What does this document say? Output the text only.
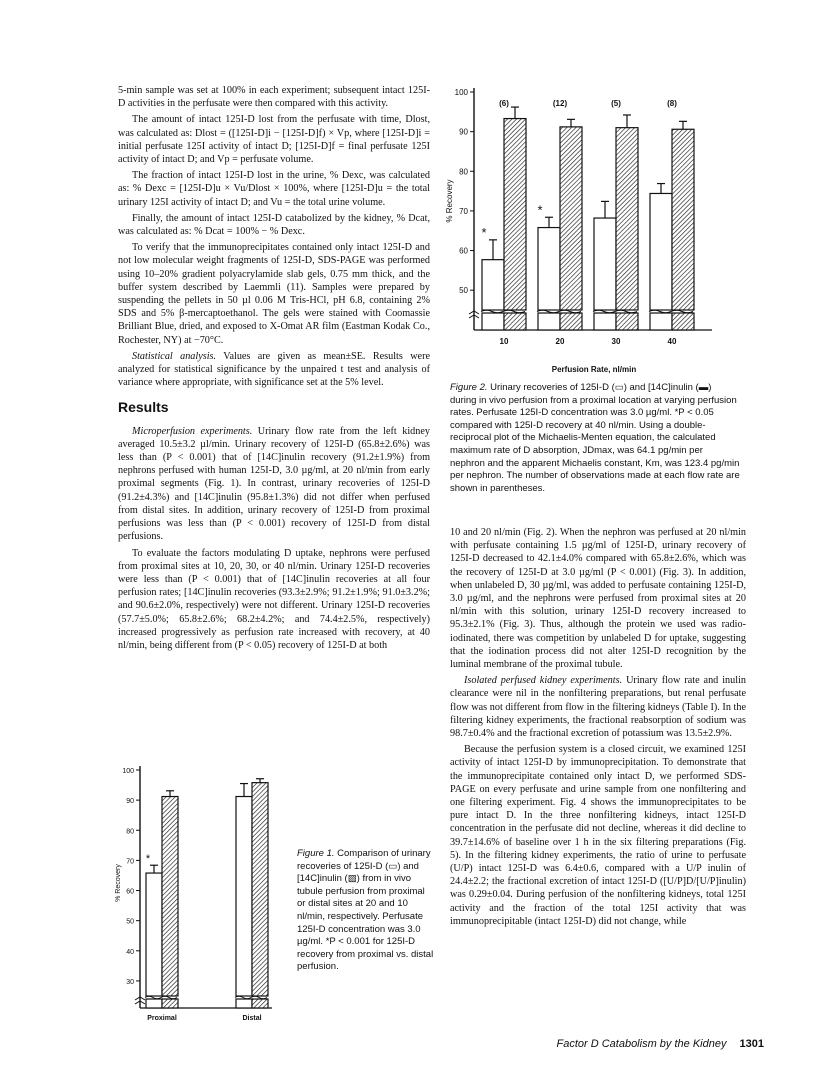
5-min sample was set at 100% in each experiment; subsequent intact 125I-D activities in the perfusate were then compared with this activity.

The amount of intact 125I-D lost from the perfusate with time, Dlost, was calculated as: Dlost = ([125I-D]i − [125I-D]f) × Vp, where [125I-D]i = initial perfusate 125I activity of intact D; [125I-D]f = final perfusate 125I activity of intact D; and Vp = perfusate volume.

The fraction of intact 125I-D lost in the urine, % Dexc, was calculated as: % Dexc = [125I-D]u × Vu/Dlost × 100%, where [125I-D]u = the total urinary 125I activity of intact D; and Vu = the total urine volume.

Finally, the amount of intact 125I-D catabolized by the kidney, % Dcat, was calculated as: % Dcat = 100% − % Dexc.

To verify that the immunoprecipitates contained only intact 125I-D and not low molecular weight fragments of 125I-D, SDS-PAGE was performed using 10–20% gradient polyacrylamide slab gels, 0.75 mm thick, and the buffer system described by Laemmli (11). Samples were prepared by suspending the pellets in 50 µl 0.06 M Tris-HCl, pH 6.8, containing 2% SDS and 5% β-mercaptoethanol. The gels were stained with Coomassie Brilliant Blue, dried, and exposed to X-Omat AR film (Eastman Kodak Co., Rochester, NY) at −70°C.

Statistical analysis. Values are given as mean±SE. Results were analyzed for statistical significance by the unpaired t test and analysis of variance where appropriate, with significance set at the 5% level.

Results

Microperfusion experiments. Urinary flow rate from the left kidney averaged 10.5±3.2 µl/min. Urinary recovery of 125I-D (65.8±2.6%) was less than (P < 0.001) that of [14C]inulin recovery (91.2±1.9%) from nephrons perfused with human 125I-D, 3.0 µg/ml, at 20 nl/min from early proximal segments (Fig. 1). In contrast, urinary recoveries of 125I-D (91.2±4.3%) and [14C]inulin (95.8±1.3%) did not differ when perfused from distal sites. In addition, urinary recovery of 125I-D from proximal perfusions was less than (P < 0.001) recovery of 125I-D from distal perfusions.

To evaluate the factors modulating D uptake, nephrons were perfused from proximal sites at 10, 20, 30, or 40 nl/min. Urinary 125I-D recoveries were less than (P < 0.001) that of [14C]inulin recoveries at all four perfusion rates; [14C]inulin recoveries (93.3±2.9%; 91.2±1.9%; 91.0±3.2%; and 90.6±2.0%, respectively) were not different. Urinary 125I-D recoveries (57.7±5.0%; 65.8±2.6%; 68.2±4.2%; and 74.4±2.5%, respectively) increased progressively as perfusion rate increased with recovery, at 40 nl/min, being different from (P < 0.05) recovery of 125I-D at both

30
40
50
60
70
80
90
100
% Recovery
*
Proximal	Distal
Figure 1. Comparison of urinary recoveries of 125I-D (▭) and [14C]inulin (▨) from in vivo tubule perfusion from proximal or distal sites at 20 and 10 nl/min, respectively. Perfusate 125I-D concentration was 3.0 µg/ml. *P < 0.001 for 125I-D recovery from proximal vs. distal perfusion.
50
60
70
80
90
100
% Recovery
*
10
(6)
*
20
(12)
30
(5)
40
(8)
Perfusion Rate, nl/min
Figure 2. Urinary recoveries of 125I-D (▭) and [14C]inulin (▬) during in vivo perfusion from a proximal location at varying perfusion rates. Perfusate 125I-D concentration was 3.0 µg/ml. *P < 0.05 compared with 125I-D recovery at 40 nl/min. Using a double-reciprocal plot of the Michaelis-Menten equation, the calculated maximum rate of D absorption, JDmax, was 64.1 pg/min per nephron and the apparent Michaelis constant, Km, was 123.4 pg/min per nephron. The number of observations made at each flow rate are shown in parentheses.

10 and 20 nl/min (Fig. 2). When the nephron was perfused at 20 nl/min with perfusate containing 1.5 µg/ml of 125I-D, urinary recovery of 125I-D decreased to 42.1±4.0% compared with 65.8±2.6%, which was the recovery of 125I-D at 3.0 µg/ml (P < 0.001) (Fig. 3). In addition, when unlabeled D, 30 µg/ml, was added to perfusate containing 125I-D, 3.0 µg/ml, and the nephrons were perfused from proximal sites at 20 nl/min with this solution, urinary 125I-D recovery increased to 95.3±2.1% (Fig. 3). Thus, although the protein we used was radio-iodinated, there was competition by unlabeled D for uptake, suggesting that the iodination process did not alter 125I-D recognition by the luminal membrane of the proximal tubule.

Isolated perfused kidney experiments. Urinary flow rate and inulin clearance were nil in the nonfiltering preparations, but renal perfusate flow was not different from flow in the filtering kidneys (Table I). In the filtering kidney experiments, the fractional reabsorption of sodium was 98.7±0.4% and the fractional excretion of potassium was 13.5±2.9%.

Because the perfusion system is a closed circuit, we examined 125I activity of intact 125I-D by immunoprecipitation. To demonstrate that the immunoprecipitate contained only intact D, we performed SDS-PAGE on every perfusate and urine sample from one nonfiltering and one filtering experiment. Fig. 4 shows the immunoprecipitates to be pure intact D. In the three nonfiltering kidneys, intact 125I-D concentration in the perfusate did not decline, whereas it did decline to 39.7±14.6% of baseline over 1 h in the six filtering preparations (Fig. 5). In the filtering kidney experiments, the ratio of urine to perfusate (U/P) intact 125I-D was 6.4±0.6, compared with a U/P inulin of 24.4±2.2; the fractional excretion of intact 125I-D ([U/P]D/[U/P]inulin) was 0.29±0.04. During perfusion of the nonfiltering kidneys, total 125I activity and the fraction of the total 125I activity that was immunoprecipitable (intact 125I-D) did not change, while

Factor D Catabolism by the Kidney 1301
